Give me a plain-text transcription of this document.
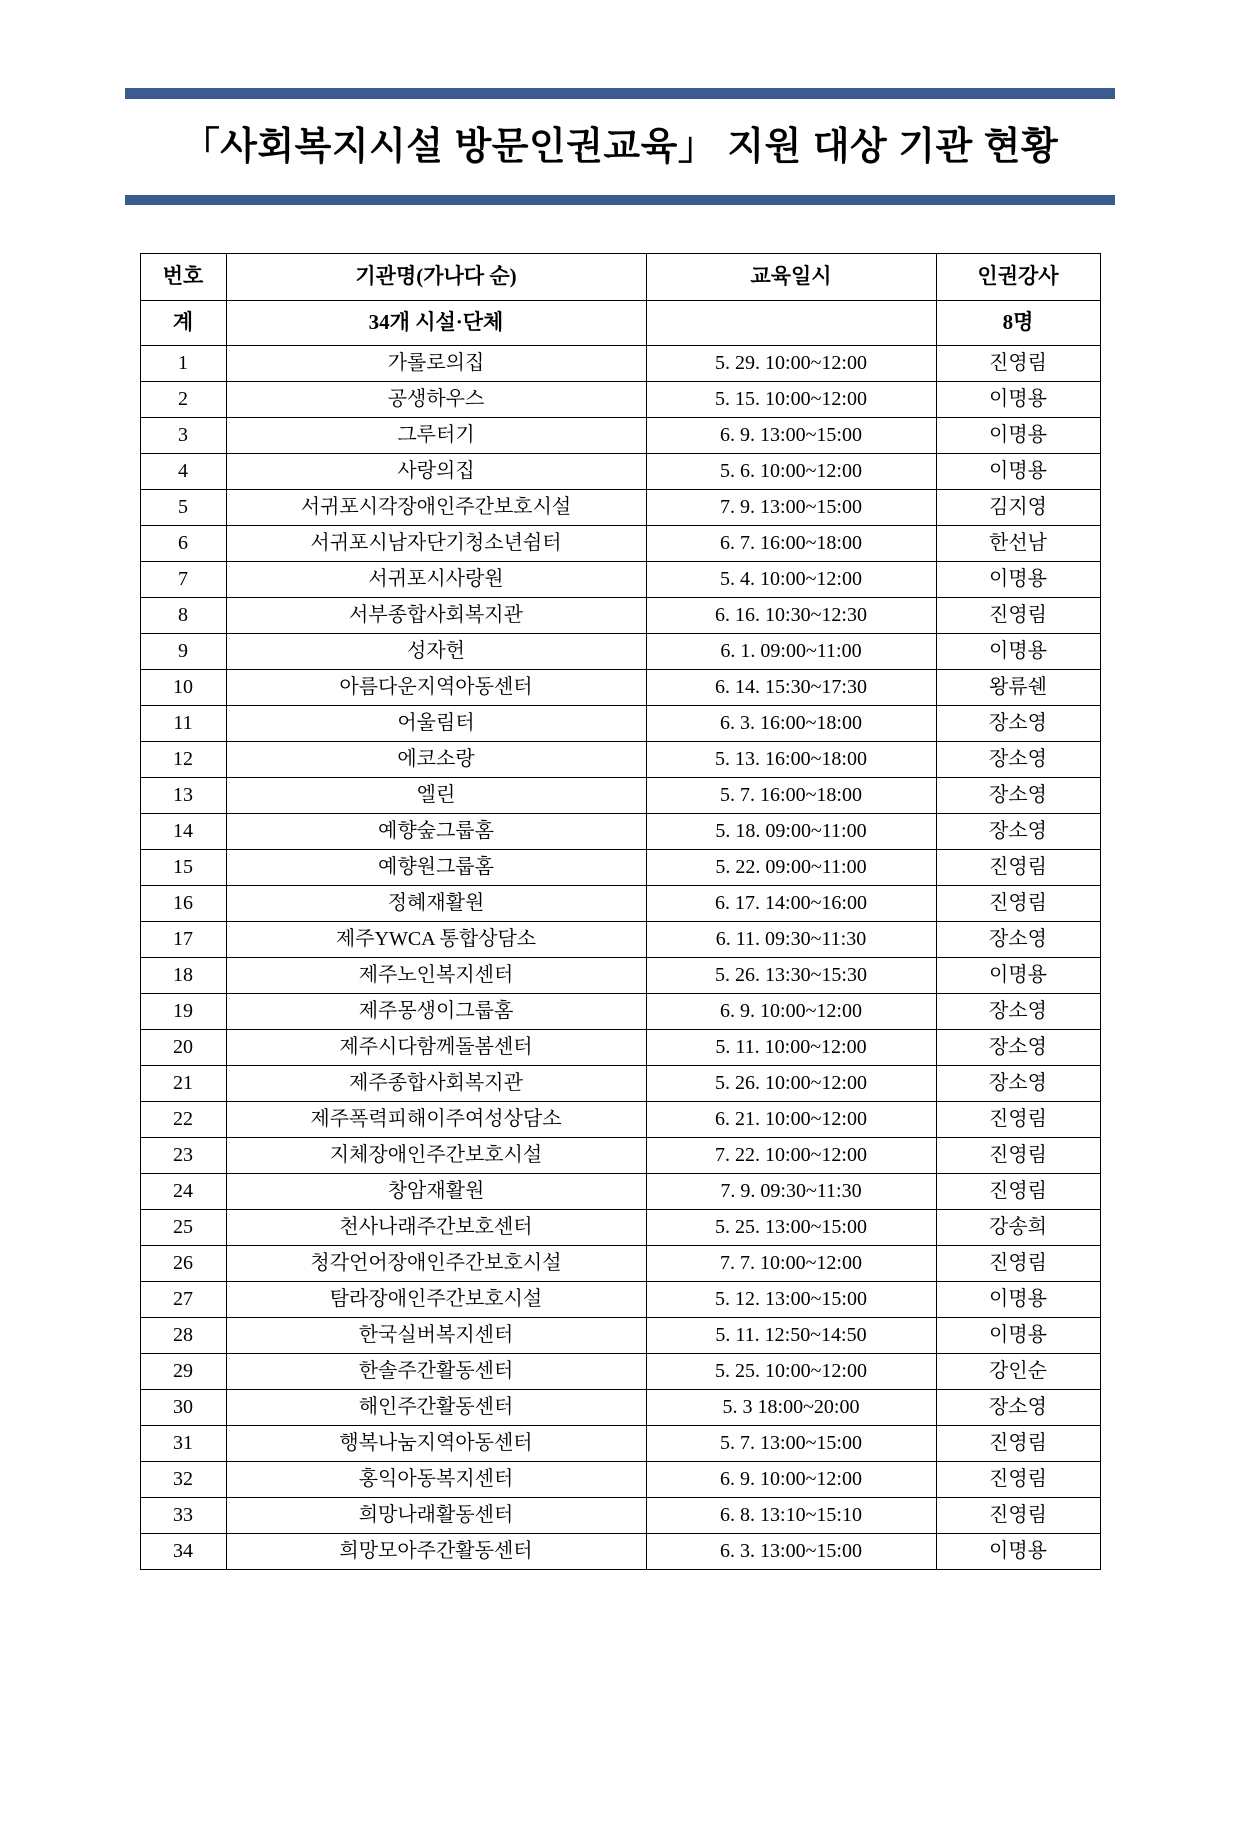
「사회복지시설 방문인권교육」 지원 대상 기관 현황
번호	기관명(가나다 순)	교육일시	인권강사
계	34개 시설·단체		8명
1	가롤로의집	5. 29. 10:00~12:00	진영림
2	공생하우스	5. 15. 10:00~12:00	이명용
3	그루터기	6. 9. 13:00~15:00	이명용
4	사랑의집	5. 6. 10:00~12:00	이명용
5	서귀포시각장애인주간보호시설	7. 9. 13:00~15:00	김지영
6	서귀포시남자단기청소년쉼터	6. 7. 16:00~18:00	한선남
7	서귀포시사랑원	5. 4. 10:00~12:00	이명용
8	서부종합사회복지관	6. 16. 10:30~12:30	진영림
9	성자헌	6. 1. 09:00~11:00	이명용
10	아름다운지역아동센터	6. 14. 15:30~17:30	왕류쉔
11	어울림터	6. 3. 16:00~18:00	장소영
12	에코소랑	5. 13. 16:00~18:00	장소영
13	엘린	5. 7. 16:00~18:00	장소영
14	예향숲그룹홈	5. 18. 09:00~11:00	장소영
15	예향원그룹홈	5. 22. 09:00~11:00	진영림
16	정혜재활원	6. 17. 14:00~16:00	진영림
17	제주YWCA 통합상담소	6. 11. 09:30~11:30	장소영
18	제주노인복지센터	5. 26. 13:30~15:30	이명용
19	제주몽생이그룹홈	6. 9. 10:00~12:00	장소영
20	제주시다함께돌봄센터	5. 11. 10:00~12:00	장소영
21	제주종합사회복지관	5. 26. 10:00~12:00	장소영
22	제주폭력피해이주여성상담소	6. 21. 10:00~12:00	진영림
23	지체장애인주간보호시설	7. 22. 10:00~12:00	진영림
24	창암재활원	7. 9. 09:30~11:30	진영림
25	천사나래주간보호센터	5. 25. 13:00~15:00	강송희
26	청각언어장애인주간보호시설	7. 7. 10:00~12:00	진영림
27	탐라장애인주간보호시설	5. 12. 13:00~15:00	이명용
28	한국실버복지센터	5. 11. 12:50~14:50	이명용
29	한솔주간활동센터	5. 25. 10:00~12:00	강인순
30	해인주간활동센터	5. 3 18:00~20:00	장소영
31	행복나눔지역아동센터	5. 7. 13:00~15:00	진영림
32	홍익아동복지센터	6. 9. 10:00~12:00	진영림
33	희망나래활동센터	6. 8. 13:10~15:10	진영림
34	희망모아주간활동센터	6. 3. 13:00~15:00	이명용
